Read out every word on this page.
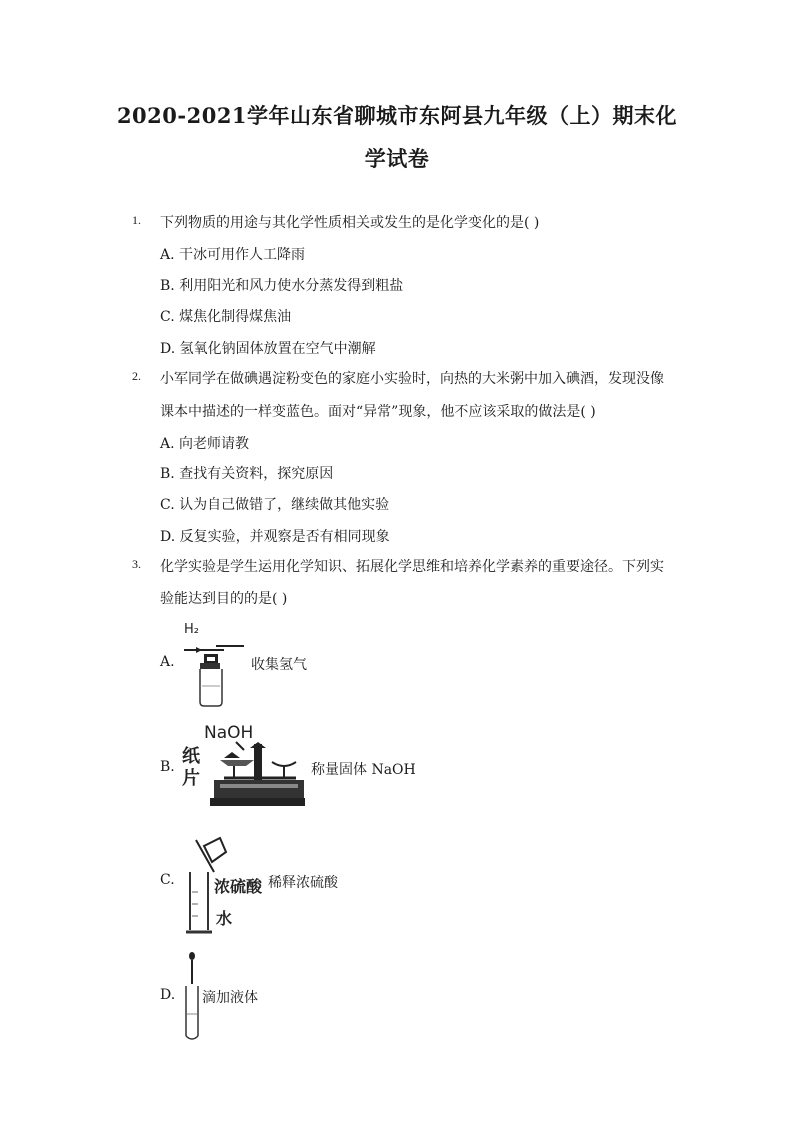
2020-2021学年山东省聊城市东阿县九年级（上）期末化
学试卷
1. 下列物质的用途与其化学性质相关或发生的是化学变化的是( )
A. 干冰可用作人工降雨
B. 利用阳光和风力使水分蒸发得到粗盐
C. 煤焦化制得煤焦油
D. 氢氧化钠固体放置在空气中潮解
2. 小军同学在做碘遇淀粉变色的家庭小实验时，向热的大米粥中加入碘酒，发现没像
课本中描述的一样变蓝色。面对“异常”现象，他不应该采取的做法是( )
A. 向老师请教
B. 查找有关资料，探究原因
C. 认为自己做错了，继续做其他实验
D. 反复实验，并观察是否有相同现象
3. 化学实验是学生运用化学知识、拓展化学思维和培养化学素养的重要途径。下列实
验能达到目的的是( )
A.
H₂
收集氢气
B.
NaOH
纸
片	称量固体 NaOH
C. 浓硫酸
水
稀释浓硫酸
D. 滴加液体
